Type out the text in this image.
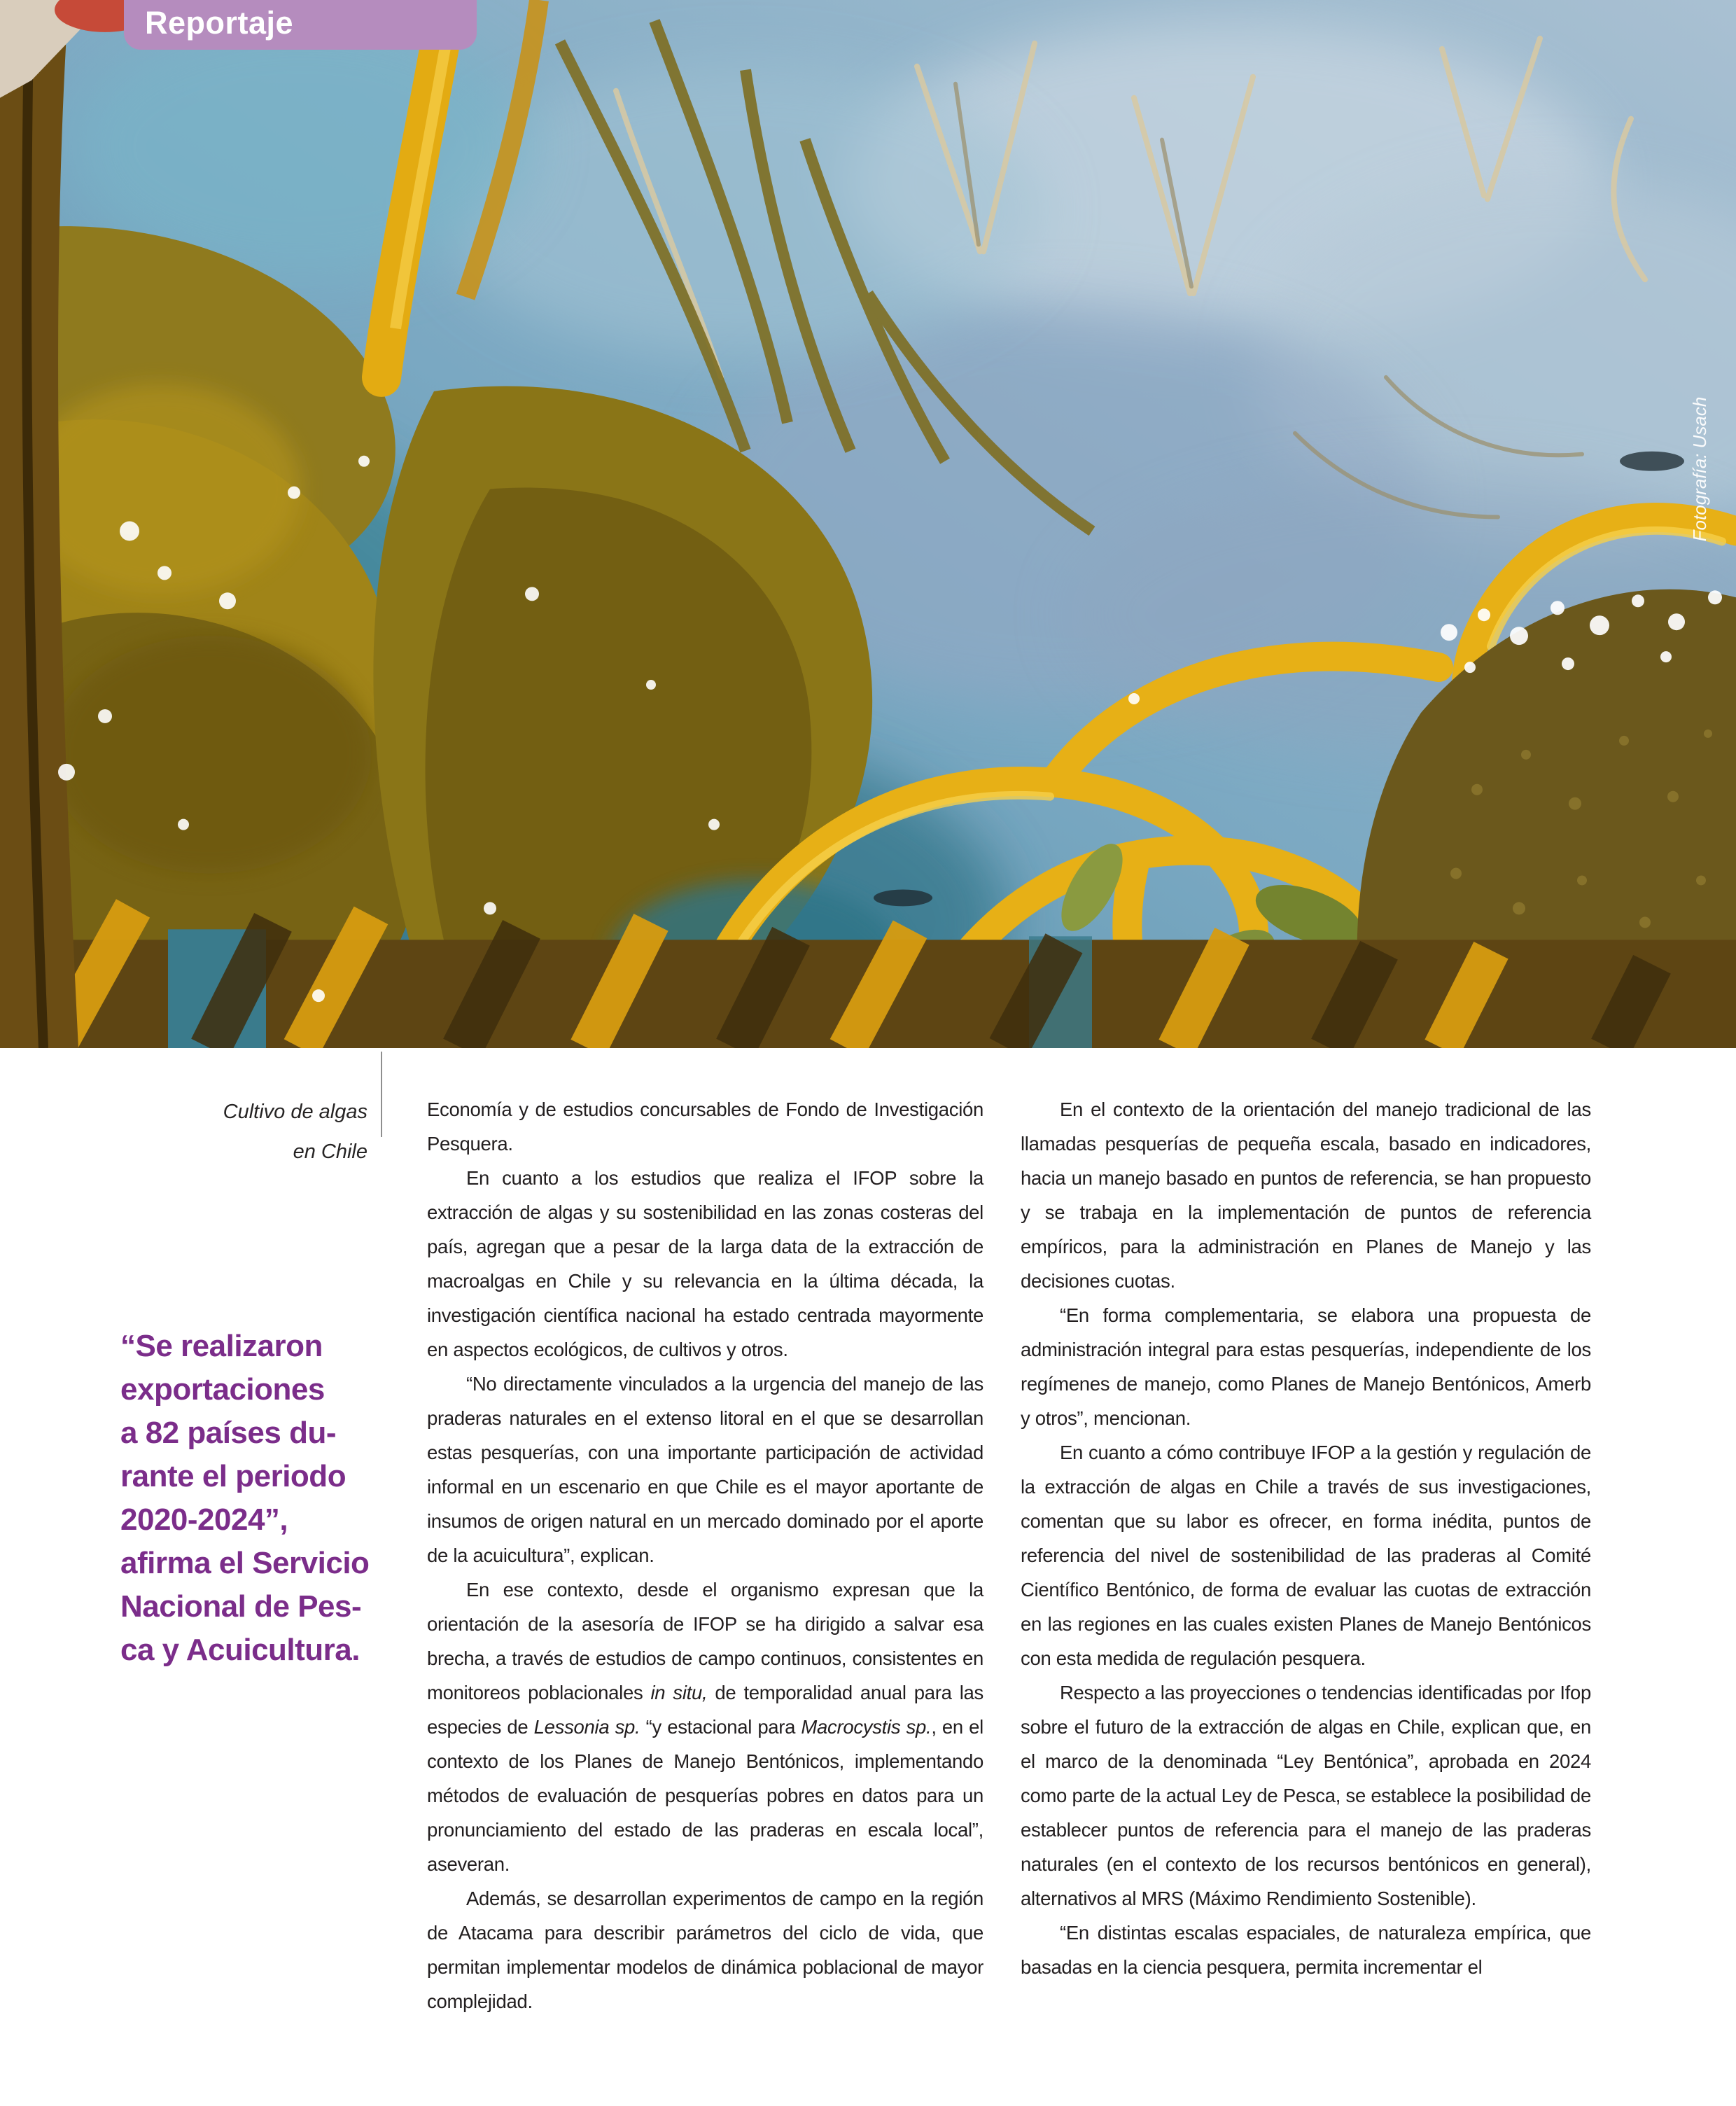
Fotografía: Usach
Reportaje
Cultivo de algas
en Chile
“Se realizaron
exportaciones
a 82 países du-
rante el periodo
2020-2024”,
afirma el Servicio
Nacional de Pes-
ca y Acuicultura.

Economía y de estudios concursables de Fondo de Investigación Pesquera.

En cuanto a los estudios que realiza el IFOP sobre la extracción de algas y su sostenibilidad en las zonas costeras del país, agregan que a pesar de la larga data de la extracción de macroalgas en Chile y su relevancia en la última década, la investigación científica nacional ha estado centrada mayormente en aspectos ecológicos, de cultivos y otros.

“No directamente vinculados a la urgencia del manejo de las praderas naturales en el extenso litoral en el que se desarrollan estas pesquerías, con una importante participación de actividad informal en un escenario en que Chile es el mayor aportante de insumos de origen natural en un mercado dominado por el aporte de la acuicultura”, explican.

En ese contexto, desde el organismo expresan que la orientación de la asesoría de IFOP se ha dirigido a salvar esa brecha, a través de estudios de campo continuos, consistentes en monitoreos poblacionales in situ, de temporalidad anual para las especies de Lessonia sp. “y estacional para Macrocystis sp., en el contexto de los Planes de Manejo Bentónicos, implementando métodos de evaluación de pesquerías pobres en datos para un pronunciamiento del estado de las praderas en escala local”, aseveran.

Además, se desarrollan experimentos de campo en la región de Atacama para describir parámetros del ciclo de vida, que permitan implementar modelos de dinámica poblacional de mayor complejidad.

En el contexto de la orientación del manejo tradicional de las llamadas pesquerías de pequeña escala, basado en indicadores, hacia un manejo basado en puntos de referencia, se han propuesto y se trabaja en la implementación de puntos de referencia empíricos, para la administración en Planes de Manejo y las decisiones cuotas.

“En forma complementaria, se elabora una propuesta de administración integral para estas pesquerías, independiente de los regímenes de manejo, como Planes de Manejo Bentónicos, Amerb y otros”, mencionan.

En cuanto a cómo contribuye IFOP a la gestión y regulación de la extracción de algas en Chile a través de sus investigaciones, comentan que su labor es ofrecer, en forma inédita, puntos de referencia del nivel de sostenibilidad de las praderas al Comité Científico Bentónico, de forma de evaluar las cuotas de extracción en las regiones en las cuales existen Planes de Manejo Bentónicos con esta medida de regulación pesquera.

Respecto a las proyecciones o tendencias identificadas por Ifop sobre el futuro de la extracción de algas en Chile, explican que, en el marco de la denominada “Ley Bentónica”, aprobada en 2024 como parte de la actual Ley de Pesca, se establece la posibilidad de establecer puntos de referencia para el manejo de las praderas naturales (en el contexto de los recursos bentónicos en general), alternativos al MRS (Máximo Rendimiento Sostenible).

“En distintas escalas espaciales, de naturaleza empírica, que basadas en la ciencia pesquera, permita incrementar el
